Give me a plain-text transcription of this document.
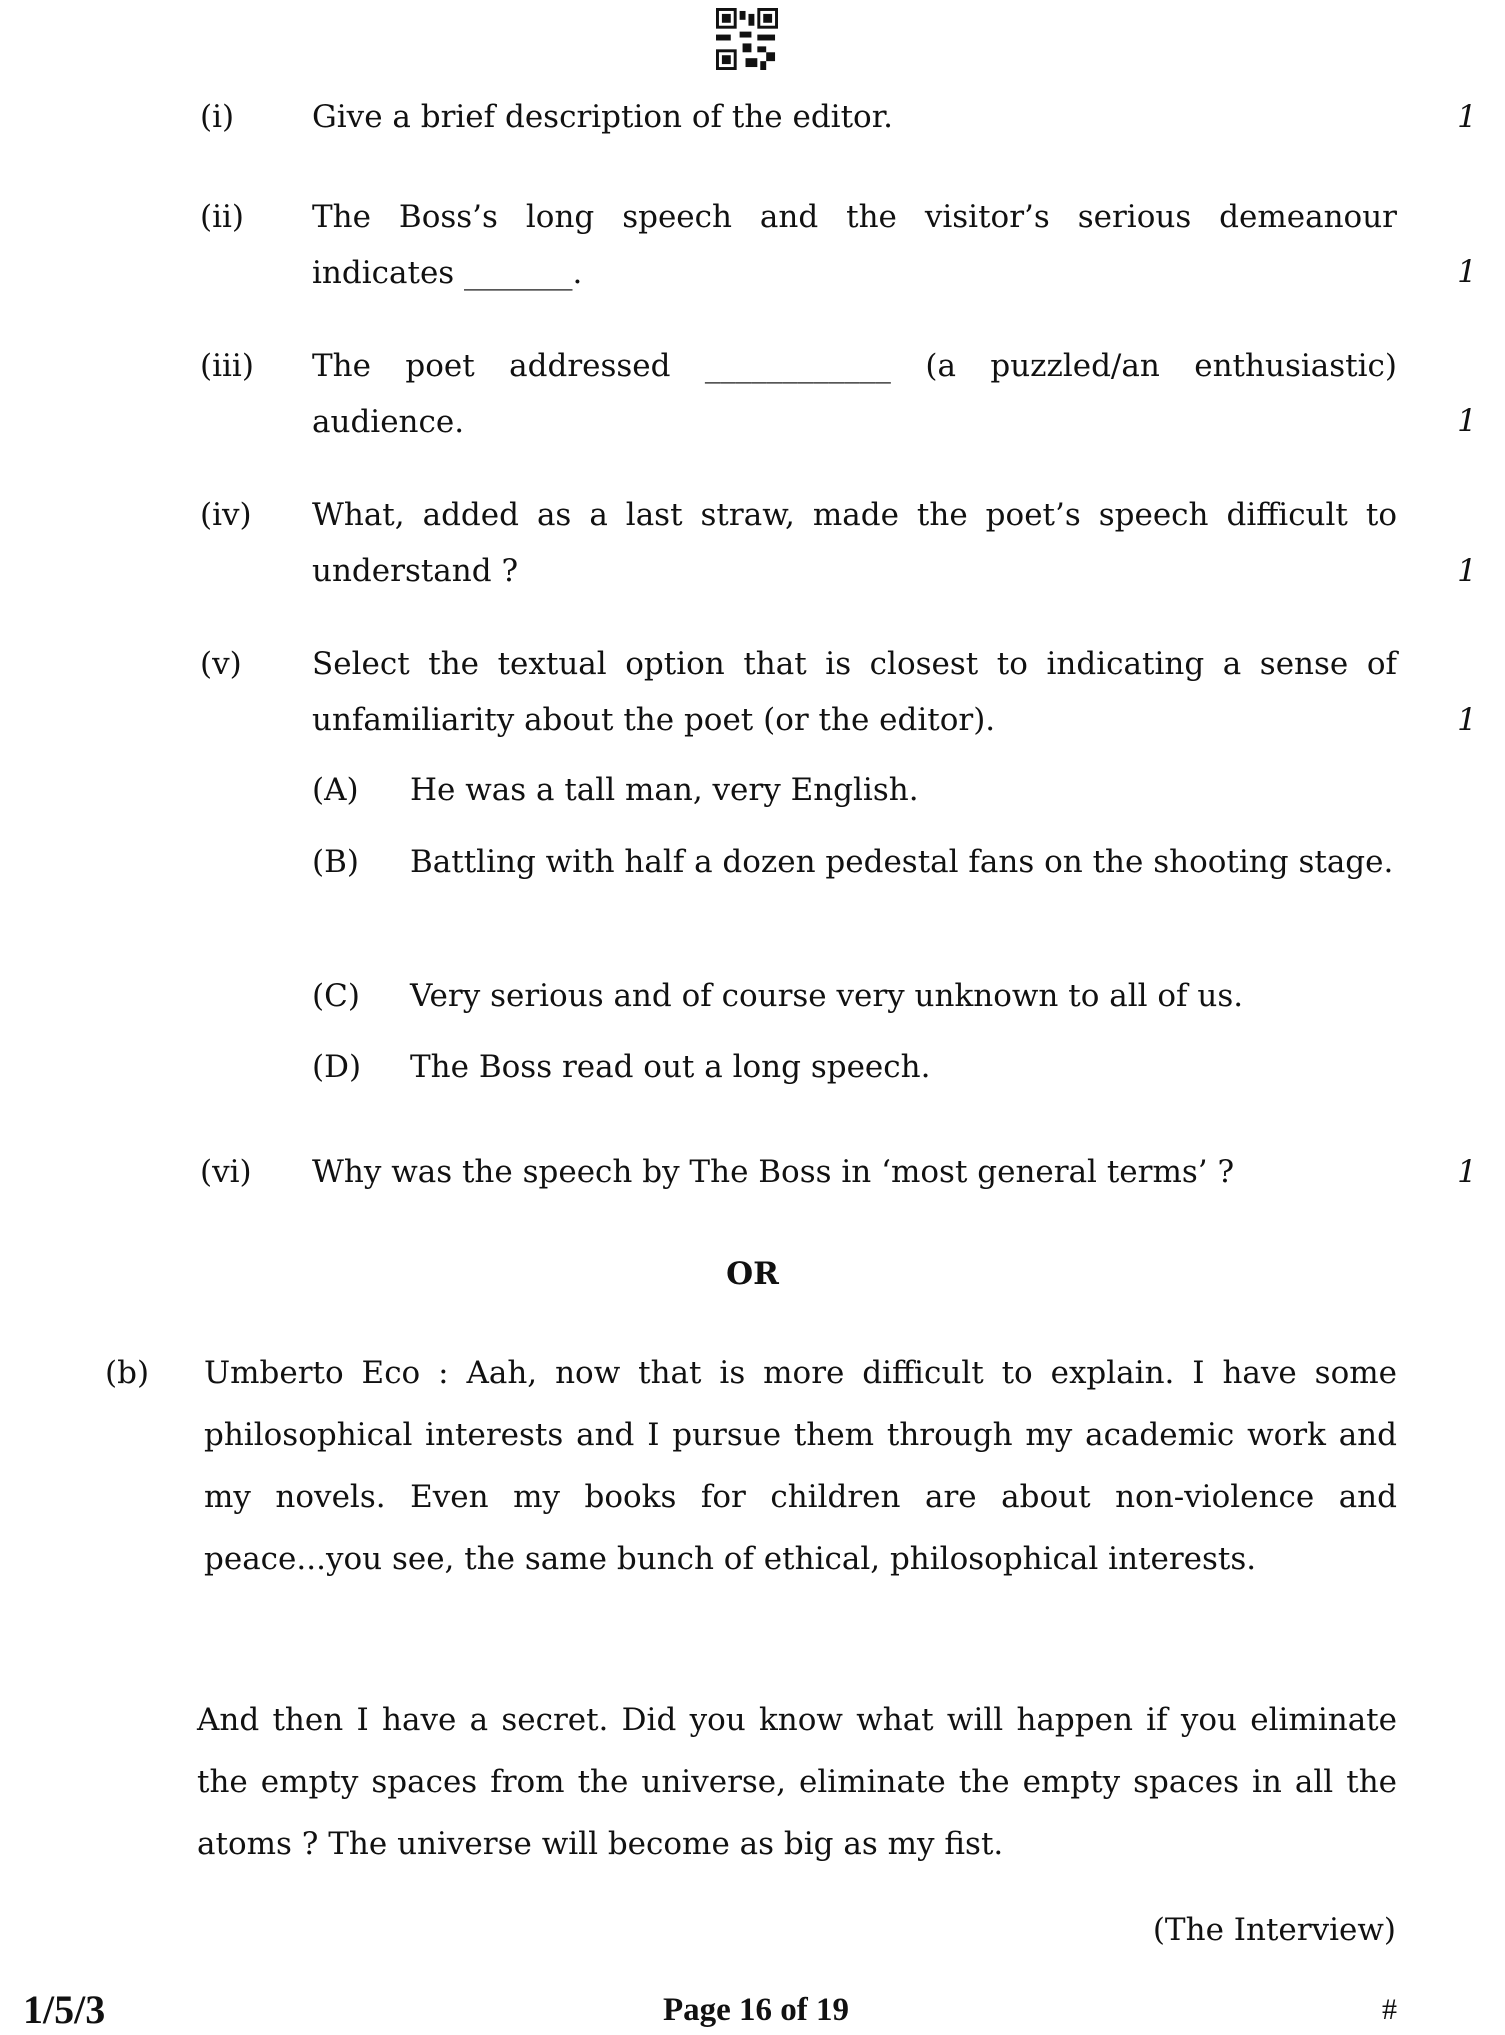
(i)	Give a brief description of the editor.	1
(ii) The Boss’s long speech and the visitor’s serious demeanour indicates _______.	1
(iii) The poet addressed ____________ (a puzzled/an enthusiastic) audience.	1
(iv) What, added as a last straw, made the poet’s speech difficult to understand ?	1
(v) Select the textual option that is closest to indicating a sense of unfamiliarity about the poet (or the editor).	1
(A) He was a tall man, very English.
(B) Battling with half a dozen pedestal fans on the shooting stage.
(C) Very serious and of course very unknown to all of us.
(D) The Boss read out a long speech.
(vi) Why was the speech by The Boss in ‘most general terms’ ?	1
OR
(b) Umberto Eco : Aah, now that is more difficult to explain. I have some philosophical interests and I pursue them through my academic work and my novels. Even my books for children are about non-violence and peace...you see, the same bunch of ethical, philosophical interests.
And then I have a secret. Did you know what will happen if you eliminate the empty spaces from the universe, eliminate the empty spaces in all the atoms ? The universe will become as big as my fist.
(The Interview)
1/5/3	Page 16 of 19	#
